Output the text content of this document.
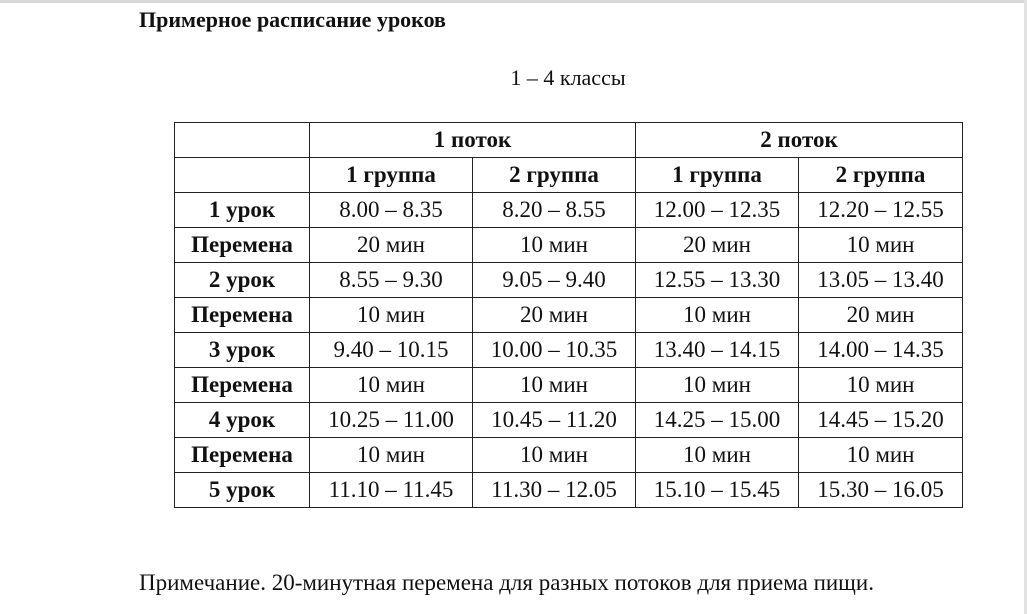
Примерное расписание уроков
1 – 4 классы
	1 поток		2 поток	
	1 группа	2 группа	1 группа	2 группа
1 урок	8.00 – 8.35	8.20 – 8.55	12.00 – 12.35	12.20 – 12.55
Перемена	20 мин	10 мин	20 мин	10 мин
2 урок	8.55 – 9.30	9.05 – 9.40	12.55 – 13.30	13.05 – 13.40
Перемена	10 мин	20 мин	10 мин	20 мин
3 урок	9.40 – 10.15	10.00 – 10.35	13.40 – 14.15	14.00 – 14.35
Перемена	10 мин	10 мин	10 мин	10 мин
4 урок	10.25 – 11.00	10.45 – 11.20	14.25 – 15.00	14.45 – 15.20
Перемена	10 мин	10 мин	10 мин	10 мин
5 урок	11.10 – 11.45	11.30 – 12.05	15.10 – 15.45	15.30 – 16.05
Примечание. 20-минутная перемена для разных потоков для приема пищи.
